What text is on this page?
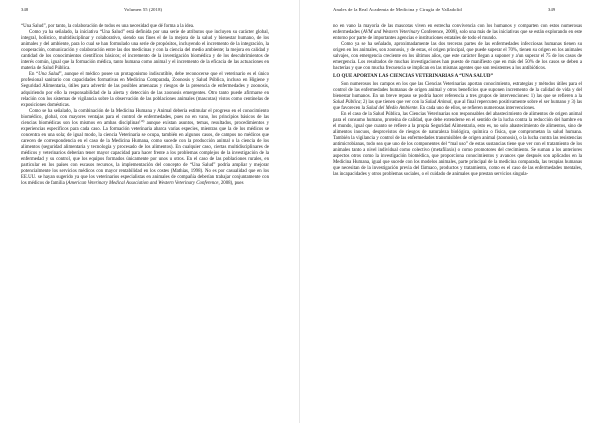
348	Volumen 55 (2018)

“Una Salud”, por tanto, la colaboración de todos es una necesidad que dé forma a la idea.

Como ya ha señalado, la iniciativa “Una Salud” está definida por una serie de atributos que incluyen su carácter global, integral, holístico, multidisciplinar y colaborativo, siendo sus fines el de la mejora de la salud y bienestar humano, de los animales y del ambiente, para lo cual se han formulado una serie de propósitos, incluyendo el incremento de la integración, la cooperación, comunicación y colaboración entre las dos medicinas y con la ciencia del medio ambiente; la mejora en calidad y cantidad de los conocimientos científicos básicos; el incremento de la investigación biomédica y de los descubrimientos de interés común, igual que la formación médica, tanto humana como animal y el incremento de la eficacia de las actuaciones en materia de Salud Pública.

En “Una Salud”, aunque el médico posee un protagonismo indiscutible, debe reconocerse que el veterinario es el único profesional sanitario con capacidades formativas en Medicina Comparada, Zoonosis y Salud Pública, incluso en Higiene y Seguridad Alimentaria, útiles para advertir de las posibles amenazas y riesgos de la presencia de enfermedades y zoonosis, adquiriendo por ello la responsabilidad de la alerta y detección de las zoonosis emergentes. Otro tanto puede afirmarse en relación con los sistemas de vigilancia sobre la observación de las poblaciones animales (mascotas) vistos como centinelas de exposiciones domésticas.

Como se ha señalado, la combinación de la Medicina Humana y Animal debería estimular el progreso en el conocimiento biomédico, global, con mayores ventajas para el control de enfermedades, pues no en vano, los principios básicos de las ciencias biomédicas son los mismos en ambas disciplinas$^{(10)}$ aunque existan asuntos, temas, resultados, procedimientos y experiencias específicos para cada caso. La formación veterinaria abarca varias especies, mientras que la de los médicos se concentra en una sola; de igual modo, la ciencia Veterinaria se ocupa, también en algunos casos, de campos no médicos que carecen de correspondencia en el caso de la Medicina Humana, como sucede con la producción animal o la ciencia de los alimentos (seguridad alimentaria y tecnología y procesado de los alimentos). En cualquier caso, ciertas multidisciplinares de médicos y veterinarios deberían tener mayor capacidad para hacer frente a los problemas complejos de la investigación de la enfermedad y su control, que los equipos formados únicamente por unos u otros. En el caso de las poblaciones rurales, en particular en los países con escasos recursos, la implementación del concepto de “Una Salud” podría ampliar y mejorar potencialmente los servicios médicos con mayor rentabilidad en los costes (Mathias, 1998). No es por casualidad que en los EE.UU. se hayan sugerido ya que los veterinarios especialistas en animales de compañía deberían trabajar conjuntamente con los médicos de familia (American Veterinary Medical Association and Western Veterinary Conference, 2008), pues

Anales de la Real Academia de Medicina y Cirugía de Valladolid	349

no en vano la mayoría de las mascotas viven en estrecha convivencia con los humanos y comparten con estos numerosas enfermedades (AVM and Western Veterinary Conference, 2008), solo una más de las iniciativas que se están explorando en este entorno por parte de importantes agencias e instituciones estatales de todo el mundo.

Como ya se ha señalado, aproximadamente las dos terceras partes de las enfermedades infecciosas humanas tienen su origen en los animales, son zoonosis, y de estas, el origen principal, que puede superar el 70%, tienen su origen en los animales salvajes, con emergencia creciente en los últimos años, que este carácter llegan a suponer y a'un superar el 75 de los casos de emergencia. Los resultados de muchas investigaciones han puesto de manifiesto que en más del 50% de los casos se deben a bacterias y que con mucha frecuencia se implican en las mismas agentes que son resistentes a los antibióticos.

LO QUE APORTAN LAS CIENCIAS VETERINARIAS A “UNA SALUD”

Son numerosos los campos en los que las Ciencias Veterinarias aportan conocimiento, estrategias y métodos útiles para el control de las enfermedades humanas de origen animal y otros beneficios que suponen incremento de la calidad de vida y del bienestar humanos. En un breve repaso se podría hacer referencia a tres grupos de intervenciones: 1) las que se refieren a la Salud Pública; 2) las que tienen que ver con la Salud Animal, que al final repercuten positivamente sobre el ser humano y 3) las que favorecen la Salud del Medio Ambiente. En cada uno de ellos, se refieren numerosas intervenciones.

En el caso de la Salud Pública, las Ciencias Veterinarias son responsables del abastecimiento de alimentos de origen animal para el consumo humano, proteína de calidad, que debe extenderse en el sentido de la lucha contra la reducción del hambre en el mundo, igual que cuanto se refiere a la propia Seguridad Alimentaria, esto es, no solo abastecimiento de alimentos, sino de alimentos inocuos, desprovistos de riesgos de naturaleza biológica, química o física, que comprometan la salud humana. También la vigilancia y control de las enfermedades transmisibles de origen animal (zoonosis), o la lucha contra las resistencias antimicrobianas, todo sea que uno de los componentes del “mal uso” de estas sustancias tiene que ver con el tratamiento de los animales tanto a nivel individual como colectivo (metafilaxis) o como promotores del crecimiento. Se suman a los anteriores aspectos otros como la investigación biomédica, que proporciona conocimientos y avances que después son aplicados en la Medicina Humana, igual que sucede con los modelos animales, parte principal de la medicina comparada, las terapias humanas que necesitan de la investigación previa del fármaco, productos y tratamiento, como es el caso de las enfermedades mentales, las incapacidades y otros problemas sociales, o el cuidado de animales que prestan servicios singula-
